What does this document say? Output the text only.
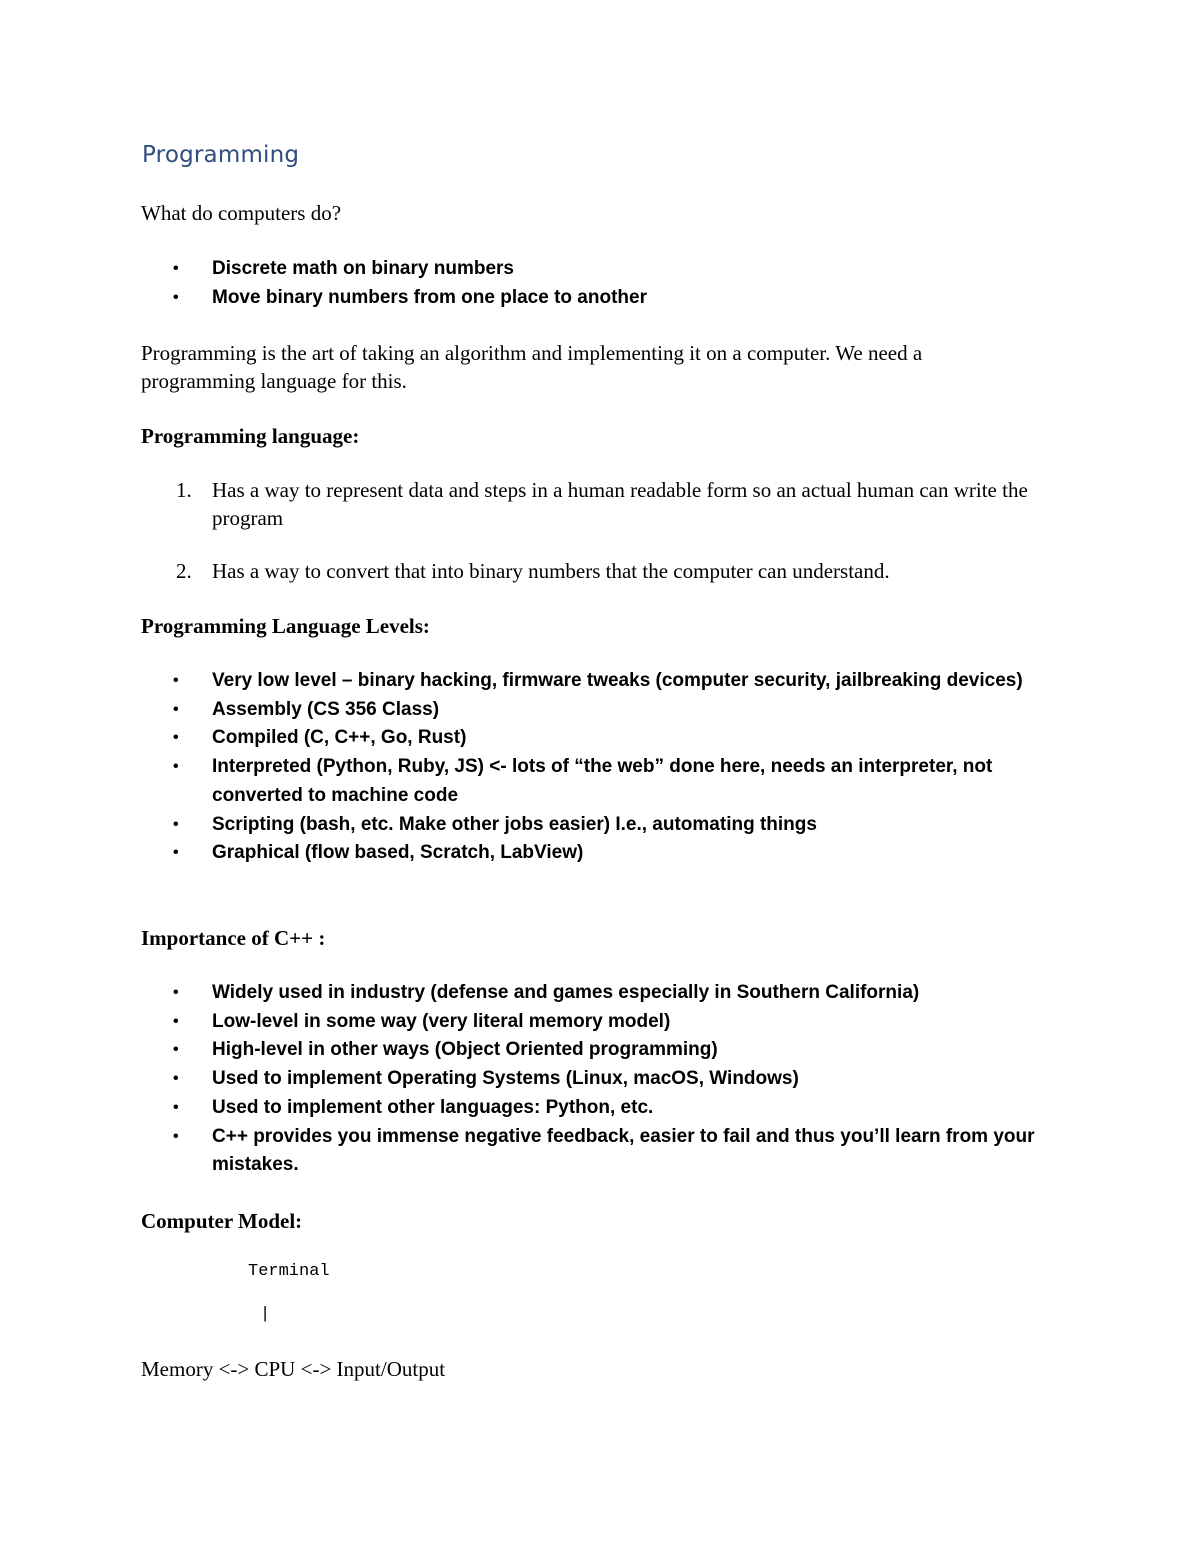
Programming

What do computers do?

• Discrete math on binary numbers
• Move binary numbers from one place to another

Programming is the art of taking an algorithm and implementing it on a computer. We need a programming language for this.

Programming language:

1. Has a way to represent data and steps in a human readable form so an actual human can write the program
2. Has a way to convert that into binary numbers that the computer can understand.

Programming Language Levels:

• Very low level – binary hacking, firmware tweaks (computer security, jailbreaking devices)
• Assembly (CS 356 Class)
• Compiled (C, C++, Go, Rust)
• Interpreted (Python, Ruby, JS) <- lots of “the web” done here, needs an interpreter, not converted to machine code
• Scripting (bash, etc. Make other jobs easier) I.e., automating things
• Graphical (flow based, Scratch, LabView)

Importance of C++ :

• Widely used in industry (defense and games especially in Southern California)
• Low-level in some way (very literal memory model)
• High-level in other ways (Object Oriented programming)
• Used to implement Operating Systems (Linux, macOS, Windows)
• Used to implement other languages: Python, etc.
• C++ provides you immense negative feedback, easier to fail and thus you’ll learn from your mistakes.

Computer Model:

Terminal
|

Memory <-> CPU <-> Input/Output
